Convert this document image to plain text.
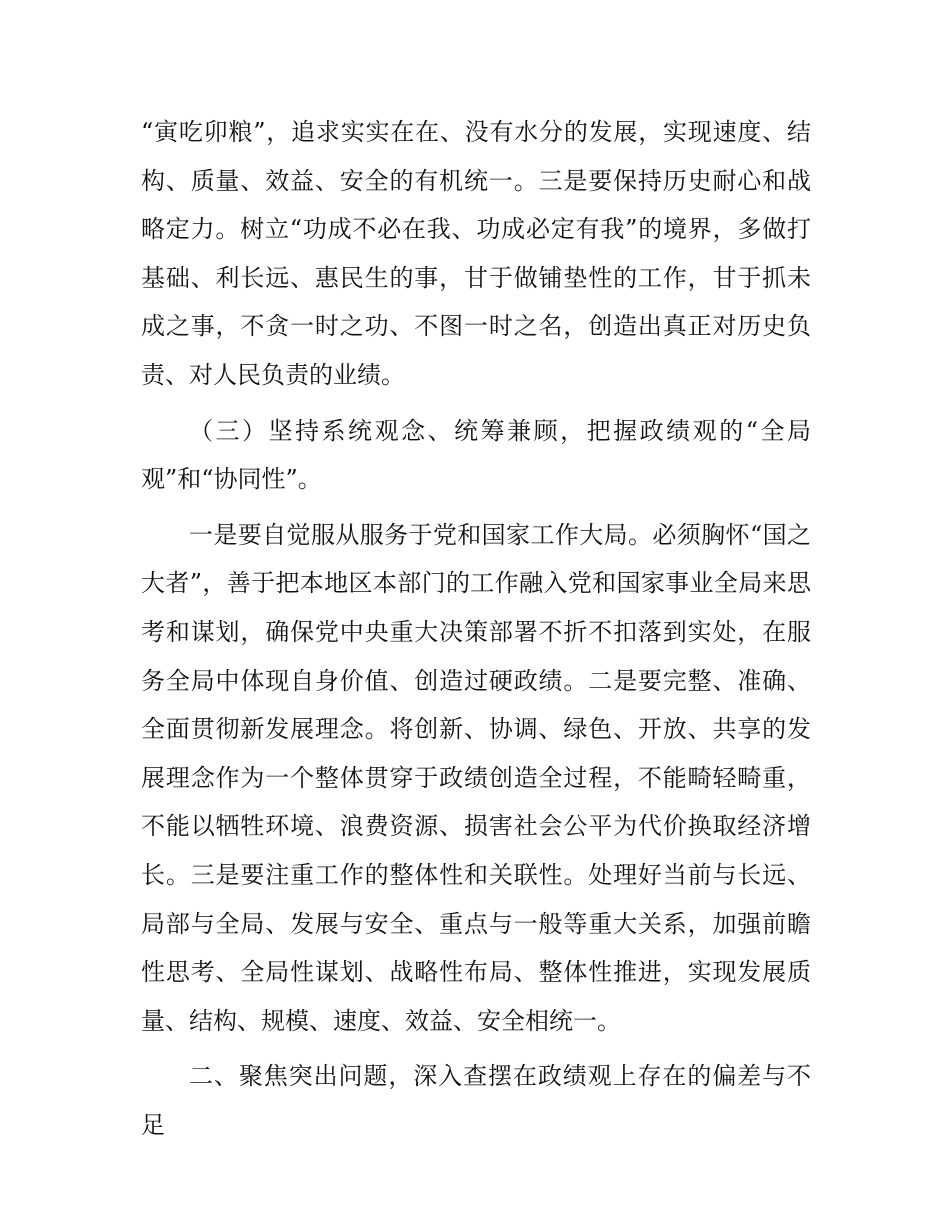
“寅吃卯粮”，追求实实在在、没有水分的发展，实现速度、结构、质量、效益、安全的有机统一。三是要保持历史耐心和战略定力。树立“功成不必在我、功成必定有我”的境界，多做打基础、利长远、惠民生的事，甘于做铺垫性的工作，甘于抓未成之事，不贪一时之功、不图一时之名，创造出真正对历史负责、对人民负责的业绩。

（三）坚持系统观念、统筹兼顾，把握政绩观的“全局观”和“协同性”。

一是要自觉服从服务于党和国家工作大局。必须胸怀“国之大者”，善于把本地区本部门的工作融入党和国家事业全局来思考和谋划，确保党中央重大决策部署不折不扣落到实处，在服务全局中体现自身价值、创造过硬政绩。二是要完整、准确、全面贯彻新发展理念。将创新、协调、绿色、开放、共享的发展理念作为一个整体贯穿于政绩创造全过程，不能畸轻畸重，不能以牺牲环境、浪费资源、损害社会公平为代价换取经济增长。三是要注重工作的整体性和关联性。处理好当前与长远、局部与全局、发展与安全、重点与一般等重大关系，加强前瞻性思考、全局性谋划、战略性布局、整体性推进，实现发展质量、结构、规模、速度、效益、安全相统一。

二、聚焦突出问题，深入查摆在政绩观上存在的偏差与不足
